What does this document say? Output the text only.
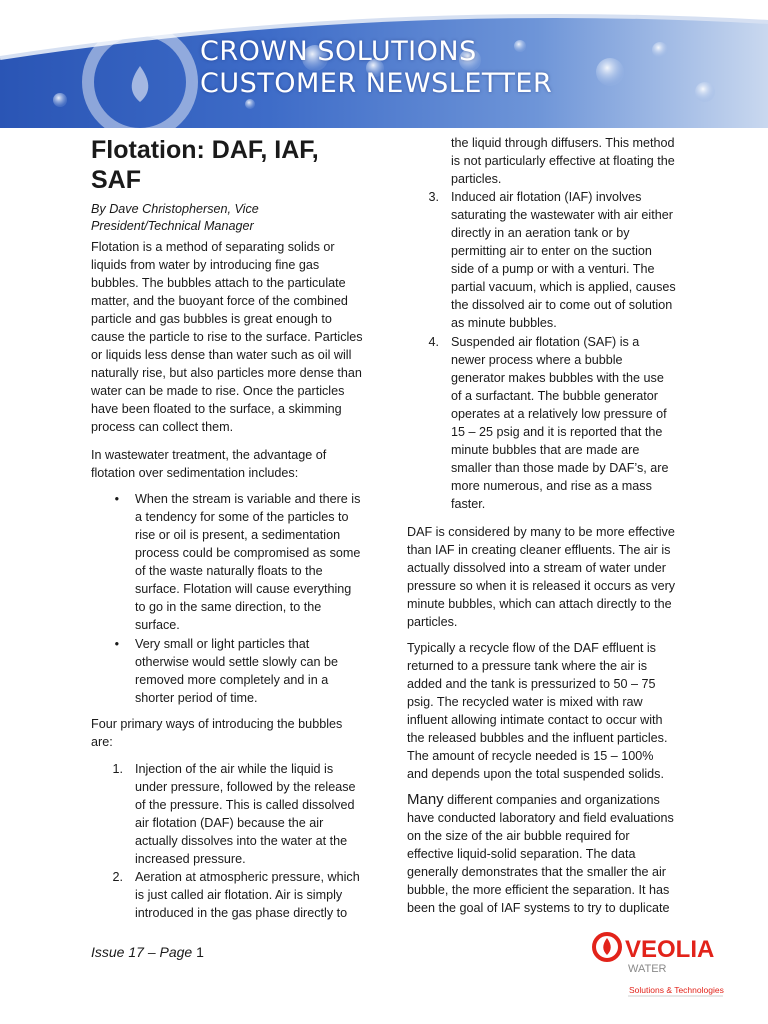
CROWN SOLUTIONS
CUSTOMER NEWSLETTER
Flotation: DAF, IAF, SAF
By Dave Christophersen, Vice President/Technical Manager

Flotation is a method of separating solids or liquids from water by introducing fine gas bubbles. The bubbles attach to the particulate matter, and the buoyant force of the combined particle and gas bubbles is great enough to cause the particle to rise to the surface. Particles or liquids less dense than water such as oil will naturally rise, but also particles more dense than water can be made to rise. Once the particles have been floated to the surface, a skimming process can collect them.

In wastewater treatment, the advantage of flotation over sedimentation includes:

• When the stream is variable and there is a tendency for some of the particles to rise or oil is present, a sedimentation process could be compromised as some of the waste naturally floats to the surface. Flotation will cause everything to go in the same direction, to the surface.

• Very small or light particles that otherwise would settle slowly can be removed more completely and in a shorter period of time.

Four primary ways of introducing the bubbles are:

1. Injection of the air while the liquid is under pressure, followed by the release of the pressure. This is called dissolved air flotation (DAF) because the air actually dissolves into the water at the increased pressure.

2. Aeration at atmospheric pressure, which is just called air flotation. Air is simply introduced in the gas phase directly to

the liquid through diffusers. This method is not particularly effective at floating the particles.

3. Induced air flotation (IAF) involves saturating the wastewater with air either directly in an aeration tank or by permitting air to enter on the suction side of a pump or with a venturi. The partial vacuum, which is applied, causes the dissolved air to come out of solution as minute bubbles.

4. Suspended air flotation (SAF) is a newer process where a bubble generator makes bubbles with the use of a surfactant. The bubble generator operates at a relatively low pressure of 15 – 25 psig and it is reported that the minute bubbles that are made are smaller than those made by DAF’s, are more numerous, and rise as a mass faster.

DAF is considered by many to be more effective than IAF in creating cleaner effluents. The air is actually dissolved into a stream of water under pressure so when it is released it occurs as very minute bubbles, which can attach directly to the particles.

Typically a recycle flow of the DAF effluent is returned to a pressure tank where the air is added and the tank is pressurized to 50 – 75 psig. The recycled water is mixed with raw influent allowing intimate contact to occur with the released bubbles and the influent particles. The amount of recycle needed is 15 – 100% and depends upon the total suspended solids.

Many different companies and organizations have conducted laboratory and field evaluations on the size of the air bubble required for effective liquid-solid separation. The data generally demonstrates that the smaller the air bubble, the more efficient the separation. It has been the goal of IAF systems to try to duplicate

Issue 17 – Page 1	VEOLIA
WATER
Solutions & Technologies
